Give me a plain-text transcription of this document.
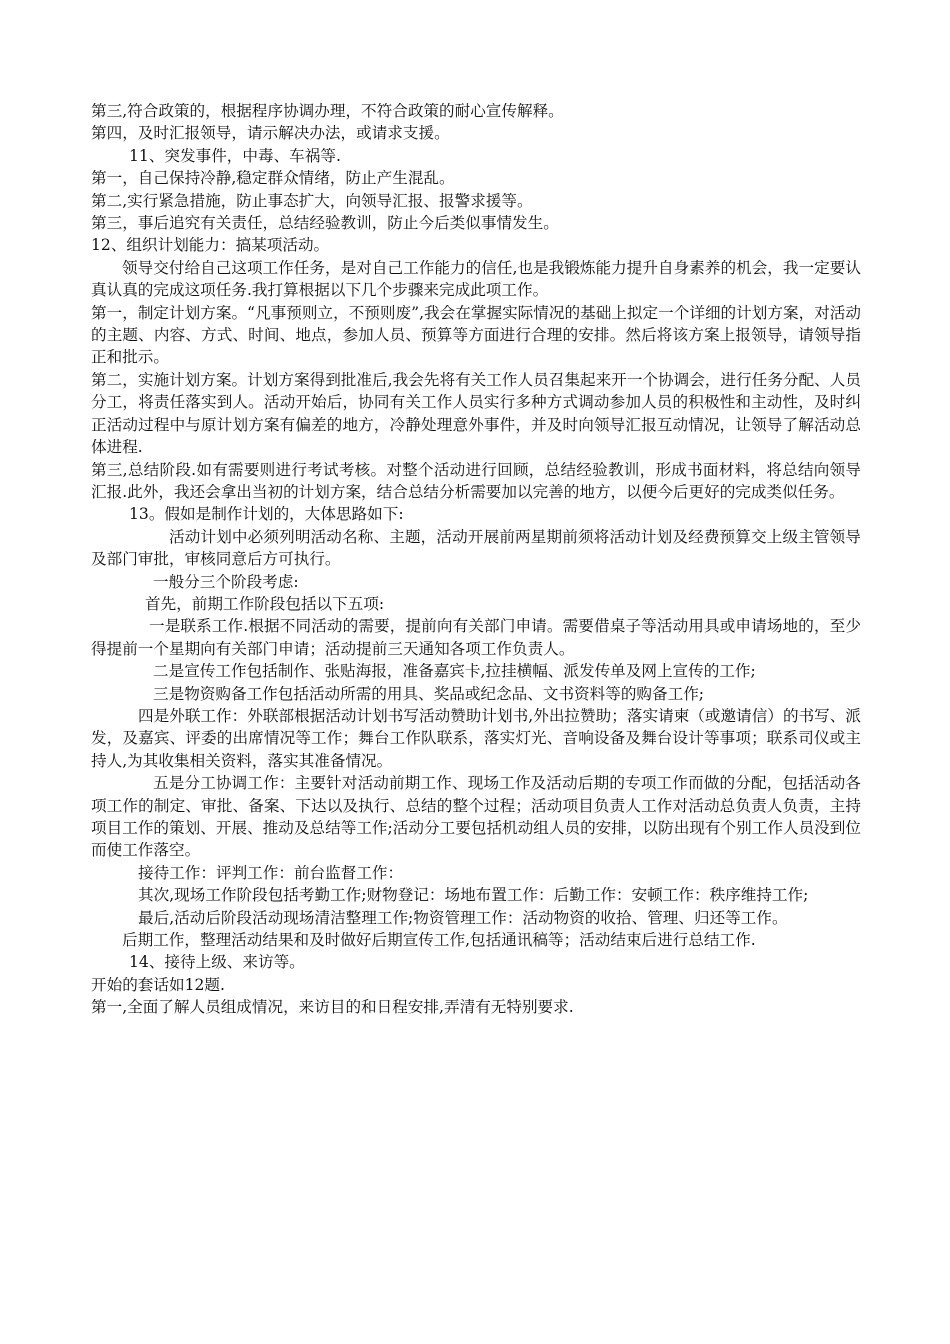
第三,符合政策的，根据程序协调办理，不符合政策的耐心宣传解释。

第四，及时汇报领导，请示解决办法，或请求支援。

11、突发事件，中毒、车祸等.

第一，自己保持冷静,稳定群众情绪，防止产生混乱。

第二,实行紧急措施，防止事态扩大，向领导汇报、报警求援等。

第三，事后追究有关责任，总结经验教训，防止今后类似事情发生。

12、组织计划能力：搞某项活动。

领导交付给自己这项工作任务，是对自己工作能力的信任,也是我锻炼能力提升自身素养的机会，我一定要认真认真的完成这项任务.我打算根据以下几个步骤来完成此项工作。

第一，制定计划方案。“凡事预则立，不预则废”,我会在掌握实际情况的基础上拟定一个详细的计划方案，对活动的主题、内容、方式、时间、地点，参加人员、预算等方面进行合理的安排。然后将该方案上报领导，请领导指正和批示。

第二，实施计划方案。计划方案得到批准后,我会先将有关工作人员召集起来开一个协调会，进行任务分配、人员分工，将责任落实到人。活动开始后，协同有关工作人员实行多种方式调动参加人员的积极性和主动性，及时纠正活动过程中与原计划方案有偏差的地方，冷静处理意外事件，并及时向领导汇报互动情况，让领导了解活动总体进程.

第三,总结阶段.如有需要则进行考试考核。对整个活动进行回顾，总结经验教训，形成书面材料，将总结向领导汇报.此外，我还会拿出当初的计划方案，结合总结分析需要加以完善的地方，以便今后更好的完成类似任务。

13。假如是制作计划的，大体思路如下:

活动计划中必须列明活动名称、主题，活动开展前两星期前须将活动计划及经费预算交上级主管领导及部门审批，审核同意后方可执行。

一般分三个阶段考虑:

首先，前期工作阶段包括以下五项:

一是联系工作.根据不同活动的需要，提前向有关部门申请。需要借桌子等活动用具或申请场地的，至少得提前一个星期向有关部门申请；活动提前三天通知各项工作负责人。

二是宣传工作包括制作、张贴海报，准备嘉宾卡,拉挂横幅、派发传单及网上宣传的工作;

三是物资购备工作包括活动所需的用具、奖品或纪念品、文书资料等的购备工作;

四是外联工作：外联部根据活动计划书写活动赞助计划书,外出拉赞助；落实请柬（或邀请信）的书写、派发，及嘉宾、评委的出席情况等工作；舞台工作队联系，落实灯光、音响设备及舞台设计等事项；联系司仪或主持人,为其收集相关资料，落实其准备情况。

五是分工协调工作：主要针对活动前期工作、现场工作及活动后期的专项工作而做的分配，包括活动各项工作的制定、审批、备案、下达以及执行、总结的整个过程；活动项目负责人工作对活动总负责人负责，主持项目工作的策划、开展、推动及总结等工作;活动分工要包括机动组人员的安排，以防出现有个别工作人员没到位而使工作落空。

接待工作：评判工作：前台监督工作：

其次,现场工作阶段包括考勤工作;财物登记：场地布置工作：后勤工作：安顿工作：秩序维持工作;

最后,活动后阶段活动现场清洁整理工作;物资管理工作：活动物资的收拾、管理、归还等工作。

后期工作，整理活动结果和及时做好后期宣传工作,包括通讯稿等；活动结束后进行总结工作.

14、接待上级、来访等。

开始的套话如12题.

第一,全面了解人员组成情况，来访目的和日程安排,弄清有无特别要求.
